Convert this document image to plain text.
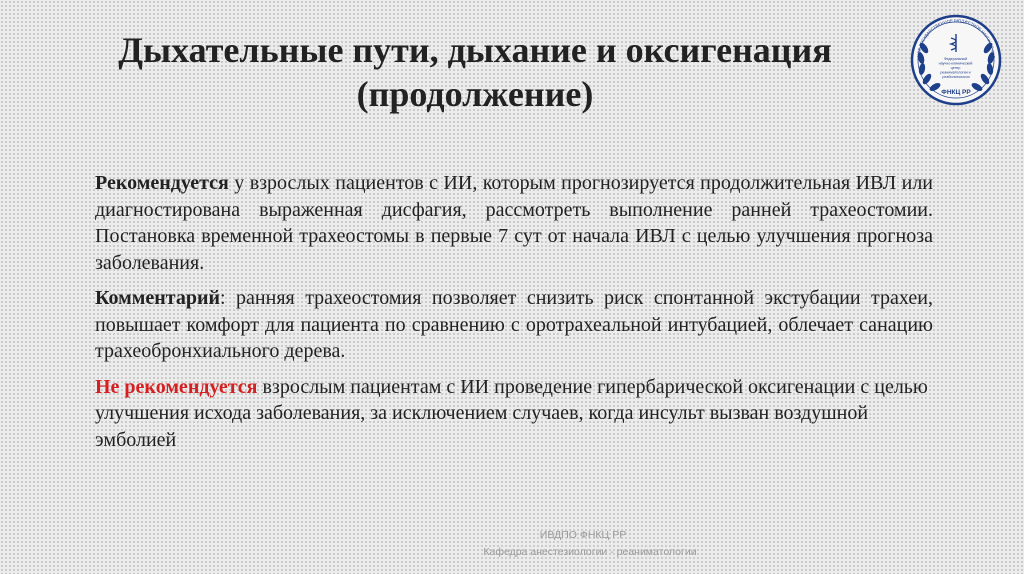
Дыхательные пути, дыхание и оксигенация
(продолжение)
НОЕ ГОСУДАРСТВЕННОЕ БЮДЖЕТНОЕ НАУЧНОЕ УЧР
Федеральный научно-клинический центр реаниматологии и реабилитологии
ФНКЦ РР

Рекомендуется у взрослых пациентов с ИИ, которым прогнозируется продолжительная ИВЛ или диагностирована выраженная дисфагия, рассмотреть выполнение ранней трахеостомии. Постановка временной трахеостомы в первые 7 сут от начала ИВЛ с целью улучшения прогноза заболевания.

Комментарий: ранняя трахеостомия позволяет снизить риск спонтанной экстубации трахеи, повышает комфорт для пациента по сравнению с оротрахеальной интубацией, облечает санацию трахеобронхиального дерева.

Не рекомендуется взрослым пациентам с ИИ проведение гипербарической оксигенации с целью улучшения исхода заболевания, за исключением случаев, когда инсульт вызван воздушной эмболией

ИВДПО ФНКЦ РР
Кафедра анестезиологии - реаниматологии
